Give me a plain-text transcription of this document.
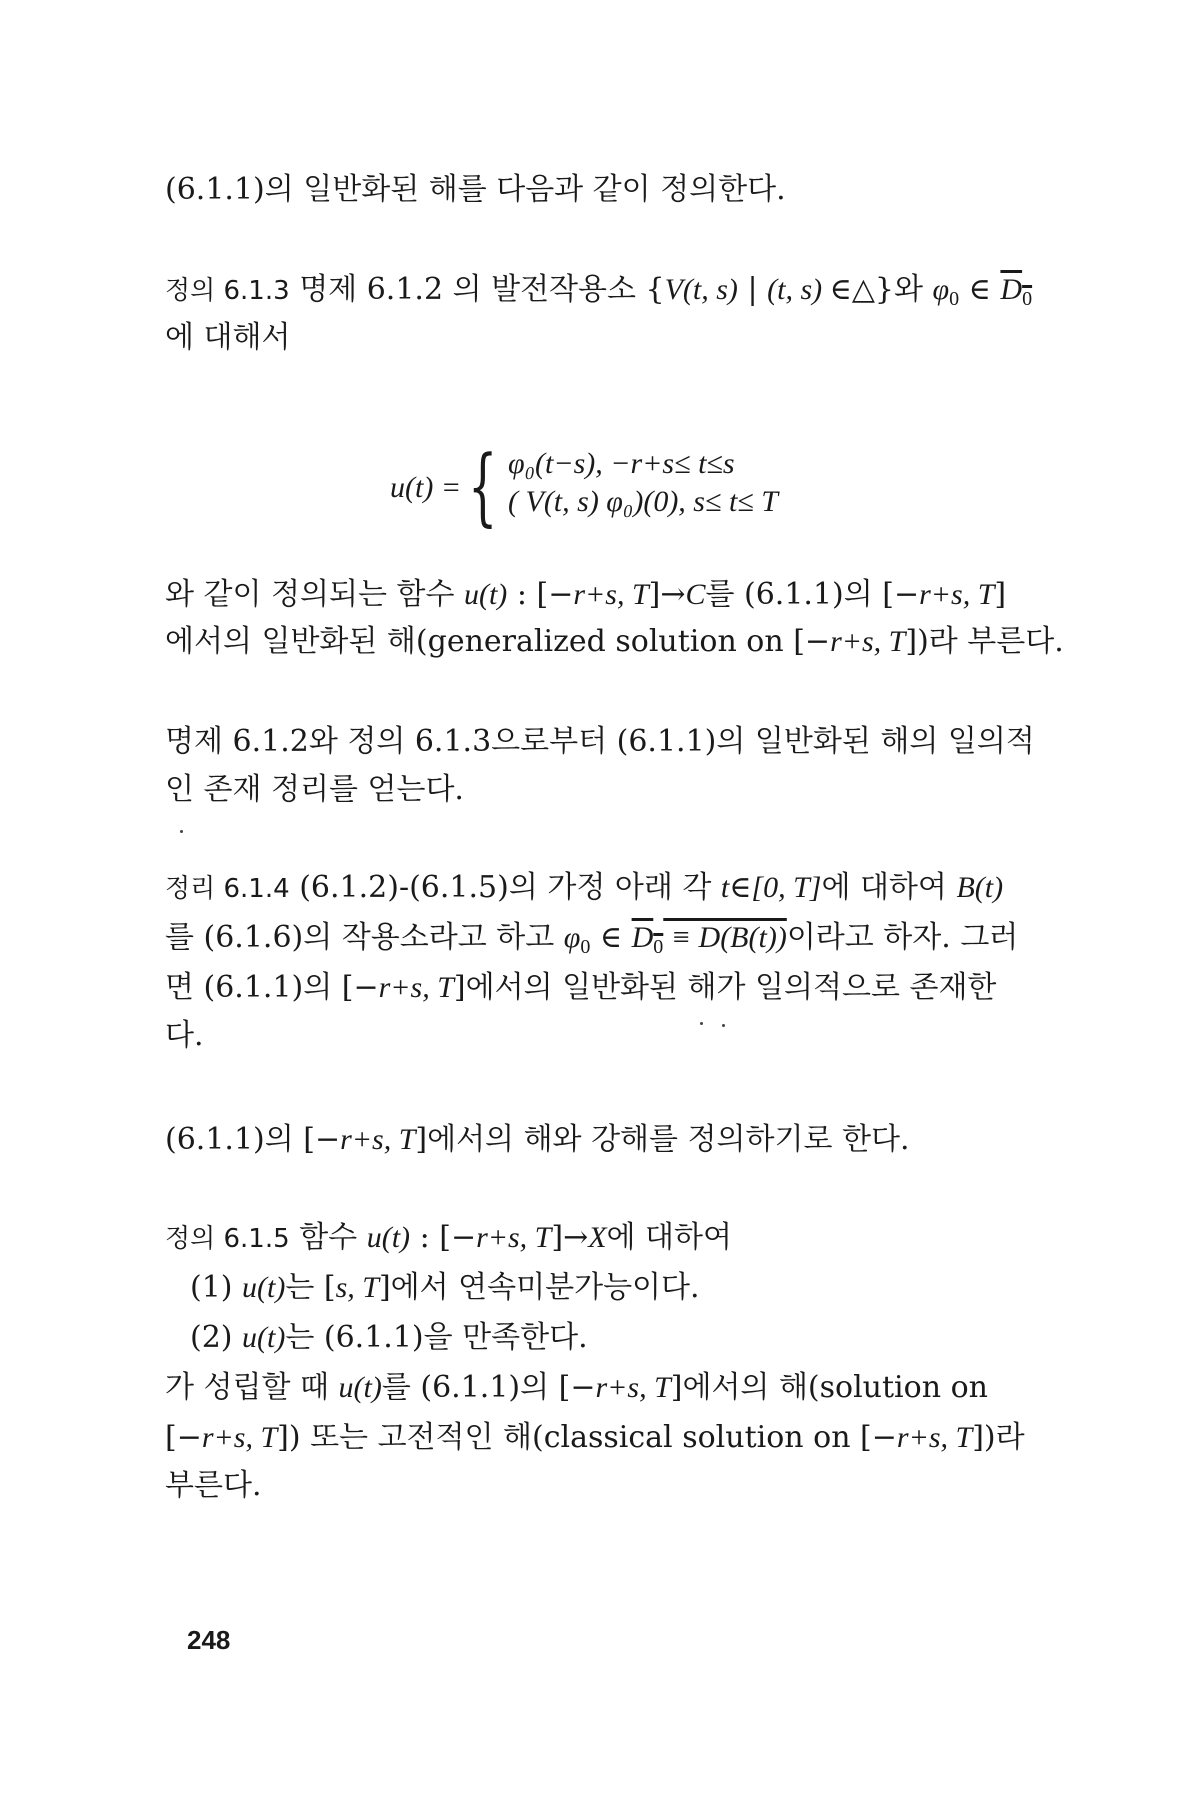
(6.1.1)의 일반화된 해를 다음과 같이 정의한다.
정의 6.1.3 명제 6.1.2 의 발전작용소 {V(t, s) | (t, s) ∈△}와 $\varphi_0$ ∈ $D_0$
에 대해서
u(t) = { φ₀(t−s), −r+s≤ t≤s
( V(t, s) φ₀)(0), s≤ t≤ T
와 같이 정의되는 함수 u(t) : [−r+s, T]→C를 (6.1.1)의 [−r+s, T]
에서의 일반화된 해(generalized solution on [−r+s, T])라 부른다.
명제 6.1.2와 정의 6.1.3으로부터 (6.1.1)의 일반화된 해의 일의적
인 존재 정리를 얻는다.
정리 6.1.4 (6.1.2)-(6.1.5)의 가정 아래 각 t∈[0, T]에 대하여 B(t)
를 (6.1.6)의 작용소라고 하고 $\varphi_0$ ∈ $D_0 \equiv D(B(t))$이라고 하자. 그러
면 (6.1.1)의 [−r+s, T]에서의 일반화된 해가 일의적으로 존재한
다.
(6.1.1)의 [−r+s, T]에서의 해와 강해를 정의하기로 한다.
정의 6.1.5 함수 u(t) : [−r+s, T]→X에 대하여
(1) u(t)는 [s, T]에서 연속미분가능이다.
(2) u(t)는 (6.1.1)을 만족한다.
가 성립할 때 u(t)를 (6.1.1)의 [−r+s, T]에서의 해(solution on
[−r+s, T]) 또는 고전적인 해(classical solution on [−r+s, T])라
부른다.
248
